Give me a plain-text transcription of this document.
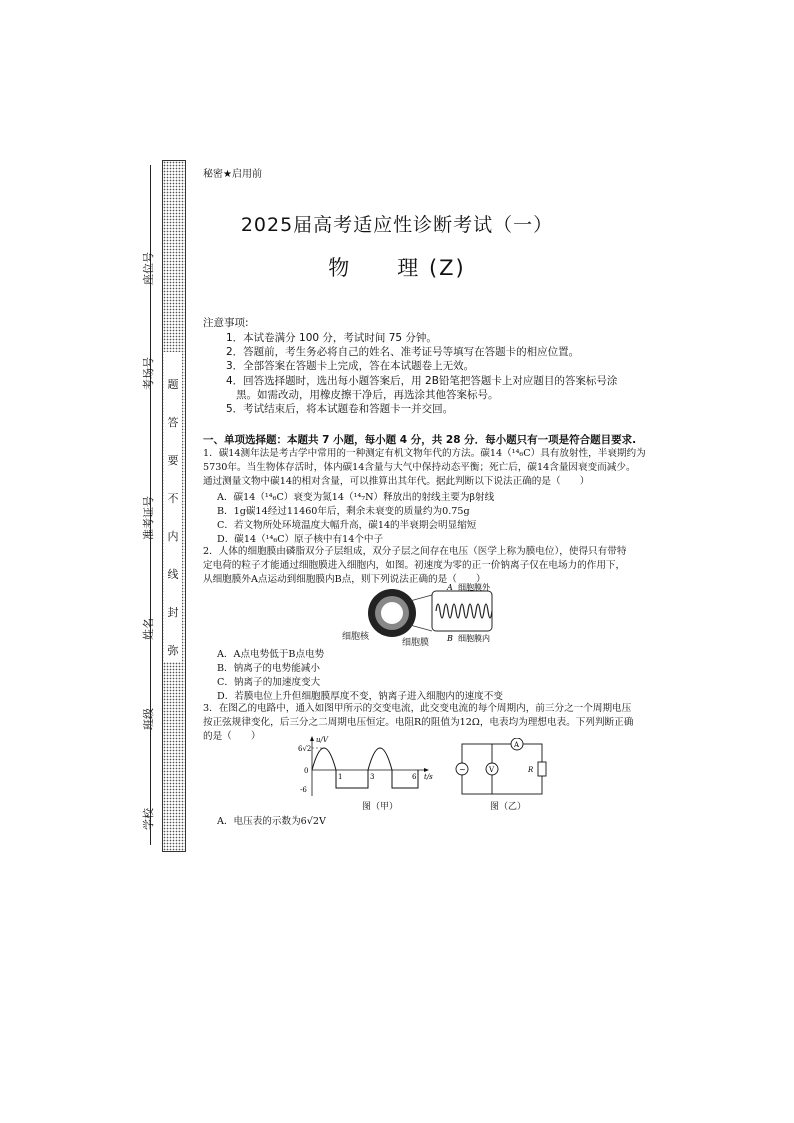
题
答
要
不
内
线
封
弥
座位号
考场号
准考证号
姓名
班级
学校
秘密★启用前
2025届高考适应性诊断考试（一）
物　　理 (Z)
注意事项:
1．本试卷满分 100 分，考试时间 75 分钟。
2．答题前，考生务必将自己的姓名、准考证号等填写在答题卡的相应位置。
3．全部答案在答题卡上完成，答在本试题卷上无效。
4．回答选择题时，选出每小题答案后，用 2B铅笔把答题卡上对应题目的答案标号涂
黑。如需改动，用橡皮擦干净后，再选涂其他答案标号。
5．考试结束后，将本试题卷和答题卡一并交回。
一、单项选择题：本题共 7 小题，每小题 4 分，共 28 分．每小题只有一项是符合题目要求.
1．碳14测年法是考古学中常用的一种测定有机文物年代的方法。碳14（¹⁴₆C）具有放射性，半衰期约为
5730年。当生物体存活时，体内碳14含量与大气中保持动态平衡；死亡后，碳14含量因衰变而减少。
通过测量文物中碳14的相对含量，可以推算出其年代。据此判断以下说法正确的是（　　）
A．碳14（¹⁴₆C）衰变为氮14（¹⁴₇N）释放出的射线主要为β射线
B．1g碳14经过11460年后，剩余未衰变的质量约为0.75g
C．若文物所处环境温度大幅升高，碳14的半衰期会明显缩短
D．碳14（¹⁴₆C）原子核中有14个中子
2．人体的细胞膜由磷脂双分子层组成，双分子层之间存在电压（医学上称为膜电位），使得只有带特
定电荷的粒子才能通过细胞膜进入细胞内，如图。初速度为零的正一价钠离子仅在电场力的作用下，
从细胞膜外A点运动到细胞膜内B点，则下列说法正确的是（　　）
A
B
细胞膜外
细胞膜内
细胞核
细胞膜
A．A点电势低于B点电势
B．钠离子的电势能减小
C．钠离子的加速度变大
D．若膜电位上升但细胞膜厚度不变，钠离子进入细胞内的速度不变
3．在图乙的电路中，通入如图甲所示的交变电流，此交变电流的每个周期内，前三分之一个周期电压
按正弦规律变化，后三分之二周期电压恒定。电阻R的阻值为12Ω，电表均为理想电表。下列判断正确
的是（　　）	u/V
t/s
6√2
0
-6
1	3	6
图（甲）
~	V
A
R
图（乙）
A．电压表的示数为6√2V
